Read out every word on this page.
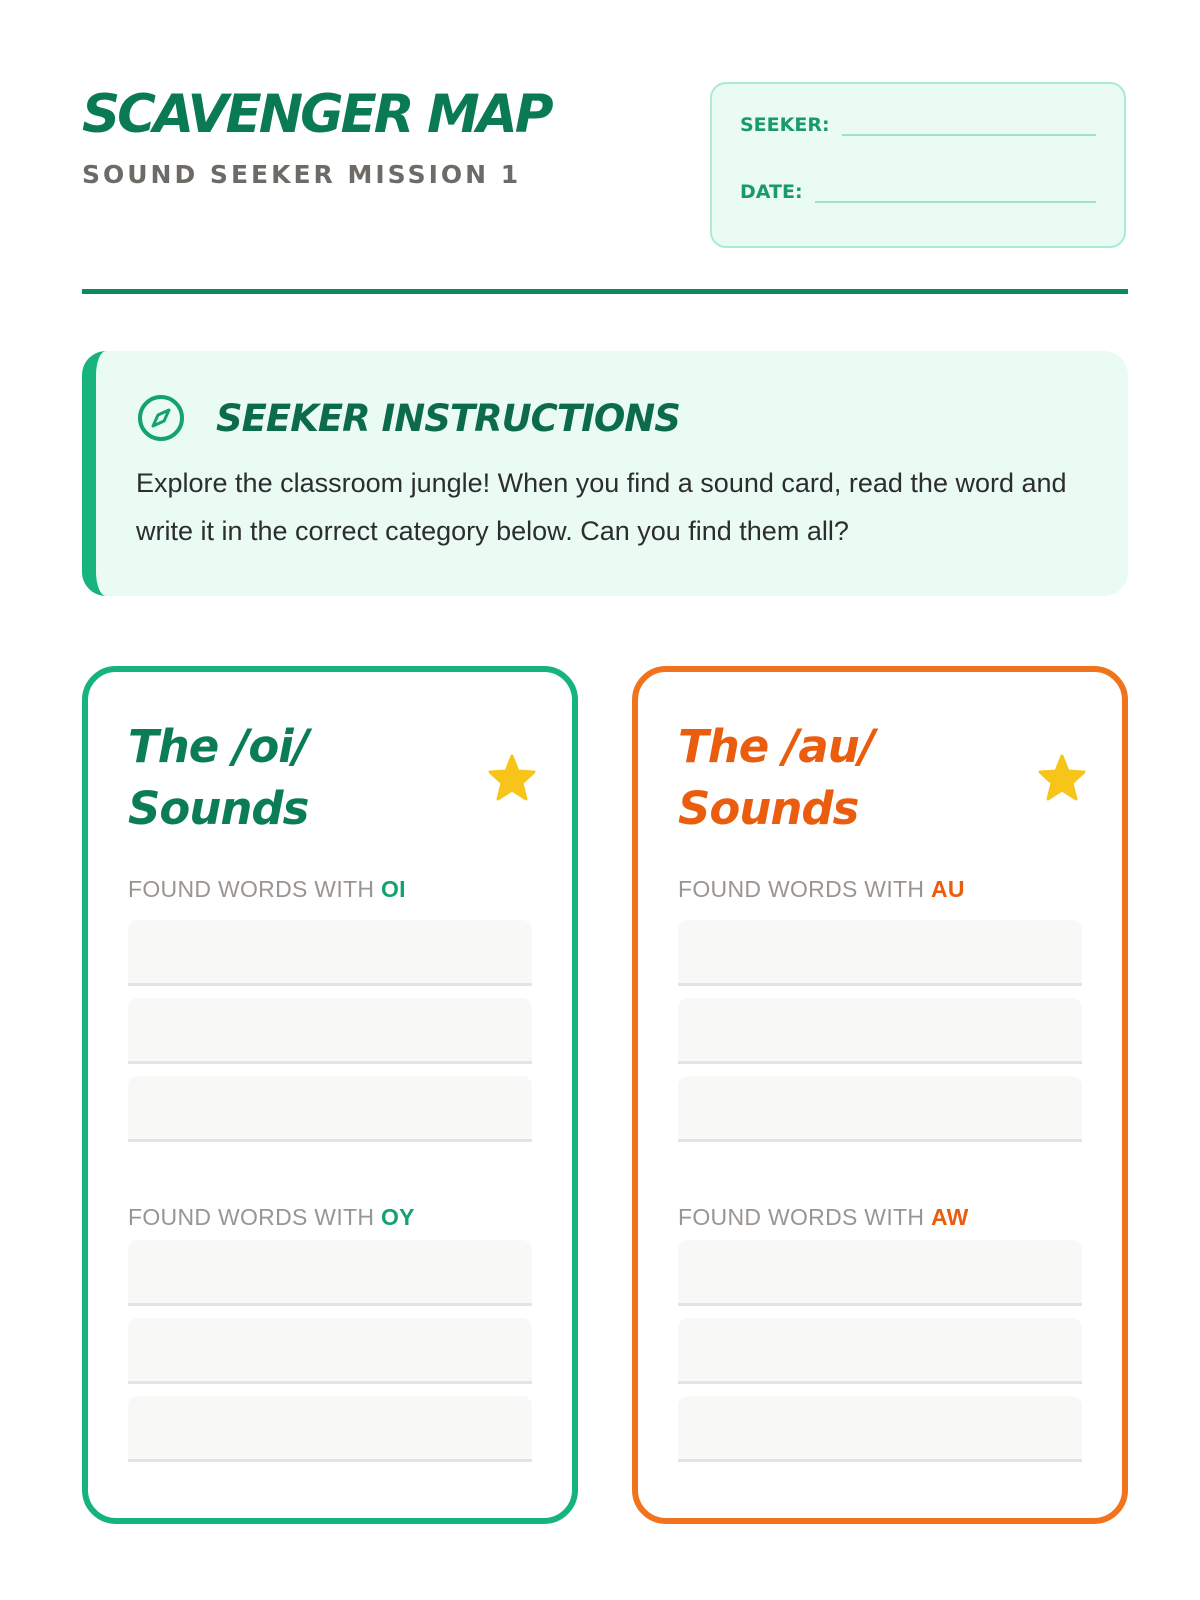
SCAVENGER MAP
SOUND SEEKER MISSION 1
SEEKER:
DATE:
SEEKER INSTRUCTIONS
Explore the classroom jungle! When you find a sound card, read the word and write it in the correct category below. Can you find them all?
The /oi/
Sounds
FOUND WORDS WITH OI
FOUND WORDS WITH OY
The /au/
Sounds
FOUND WORDS WITH AU
FOUND WORDS WITH AW
